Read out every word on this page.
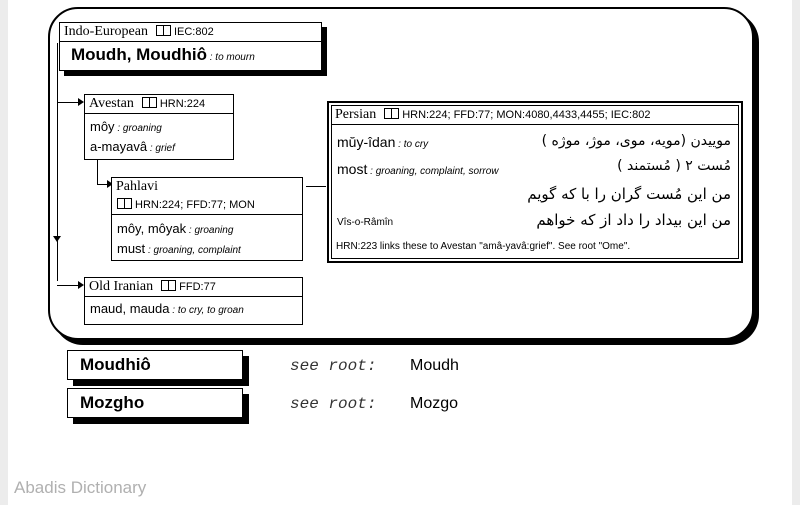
Indo-European IEC:802
Moudh, Moudhiô : to mourn
Avestan HRN:224
môy : groaning
a-mayavâ : grief
Pahlavi
HRN:224; FFD:77; MON
môy, môyak : groaning
must : groaning, complaint
Old Iranian FFD:77
maud, mauda : to cry, to groan
Persian HRN:224; FFD:77; MON:4080,4433,4455; IEC:802
mŭy-îdan : to cry	موییدن (مویه، موی، موژ، موژه )
most : groaning, complaint, sorrow	مُست ۲ ( مُستمند )
من این مُست گران را با که گویم
Vîs-o-Râmîn	من این بیداد را داد از که خواهم
HRN:223 links these to Avestan "amâ-yavâ:grief". See root "Ome".
Moudhiô	see root: Moudh
Mozgho	see root: Mozgo
Abadis Dictionary
